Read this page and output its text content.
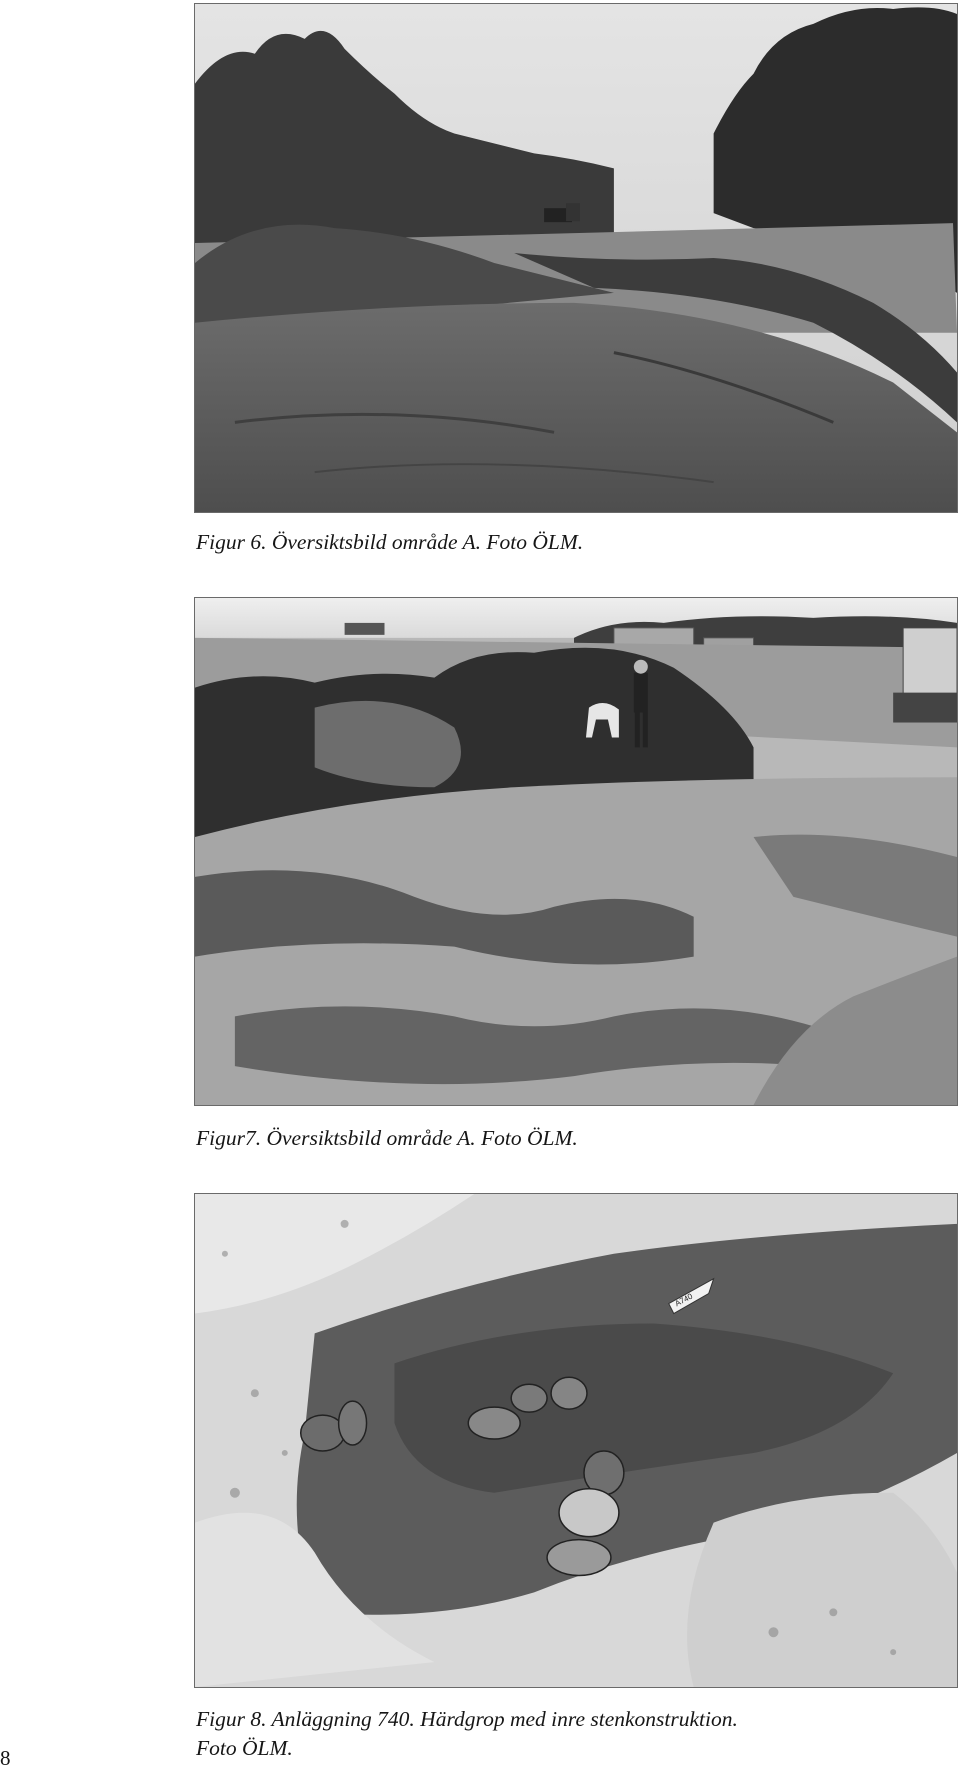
Figur 6. Översiktsbild område A. Foto ÖLM.
Figur7. Översiktsbild område A. Foto ÖLM.
A740
Figur 8. Anläggning 740. Härdgrop med inre stenkonstruktion.
Foto ÖLM.
8
